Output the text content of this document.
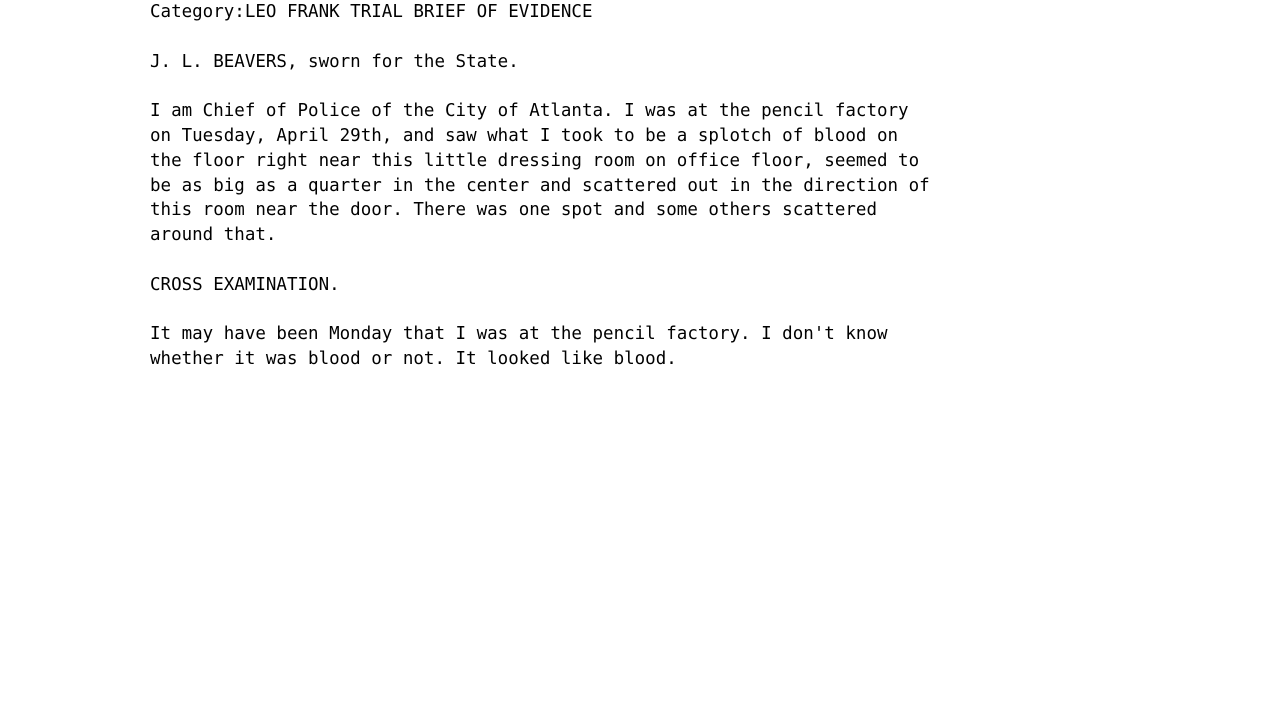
Category:LEO FRANK TRIAL BRIEF OF EVIDENCE

J. L. BEAVERS, sworn for the State.

I am Chief of Police of the City of Atlanta. I was at the pencil factory
on Tuesday, April 29th, and saw what I took to be a splotch of blood on
the floor right near this little dressing room on office floor, seemed to
be as big as a quarter in the center and scattered out in the direction of
this room near the door. There was one spot and some others scattered
around that.

CROSS EXAMINATION.

It may have been Monday that I was at the pencil factory. I don't know
whether it was blood or not. It looked like blood.
